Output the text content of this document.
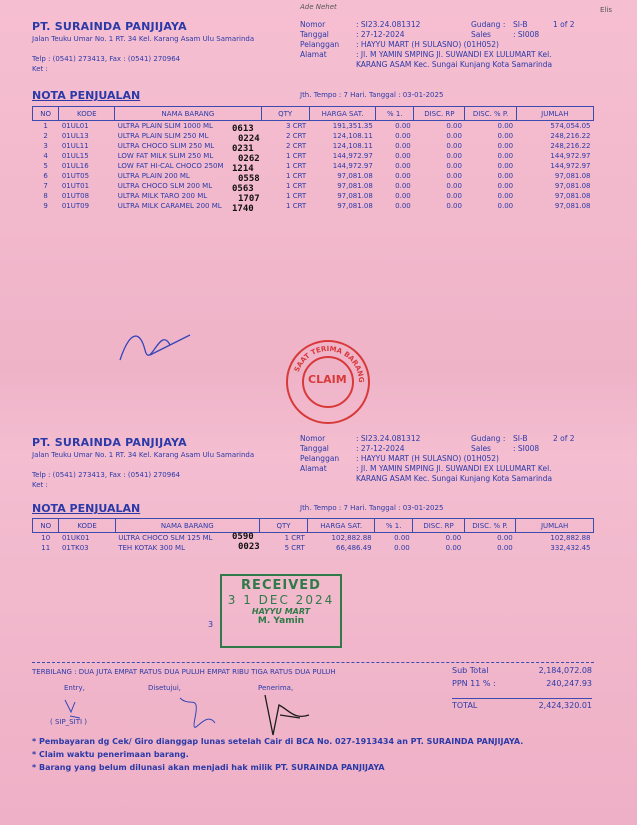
Ade Nehet	Elis
PT. SURAINDA PANJIJAYA
Jalan Teuku Umar No. 1 RT. 34 Kel. Karang Asam Ulu Samarinda
Telp : (0541) 273413, Fax : (0541) 270964
Ket :
Nomor	: SI23.24.081312	Gudang :	SI-B	1 of 2
Tanggal	: 27-12-2024	Sales	: SI008
Pelanggan	: HAYYU MART (H SULASNO) (01H052)
Alamat	: Jl. M YAMIN SMPING Jl. SUWANDI EX LULUMART Kel.
KARANG ASAM Kec. Sungai Kunjang Kota Samarinda
NOTA PENJUALAN	Jth. Tempo : 7 Hari. Tanggal : 03-01-2025
NO	KODE	NAMA BARANG	QTY	HARGA SAT.	% 1.	DISC. RP	DISC. % P.	JUMLAH
1	01UL01	ULTRA PLAIN SLIM 1000 ML	3 CRT	191,351.35	0.00	0.00	0.00	574,054.05
2	01UL13	ULTRA PLAIN SLIM 250 ML	2 CRT	124,108.11	0.00	0.00	0.00	248,216.22
3	01UL11	ULTRA CHOCO SLIM 250 ML	2 CRT	124,108.11	0.00	0.00	0.00	248,216.22
4	01UL15	LOW FAT MILK SLIM 250 ML	1 CRT	144,972.97	0.00	0.00	0.00	144,972.97
5	01UL16	LOW FAT HI-CAL CHOCO 250M	1 CRT	144,972.97	0.00	0.00	0.00	144,972.97
6	01UT05	ULTRA PLAIN 200 ML	1 CRT	97,081.08	0.00	0.00	0.00	97,081.08
7	01UT01	ULTRA CHOCO SLM 200 ML	1 CRT	97,081.08	0.00	0.00	0.00	97,081.08
8	01UT08	ULTRA MILK TARO 200 ML	1 CRT	97,081.08	0.00	0.00	0.00	97,081.08
9	01UT09	ULTRA MILK CARAMEL 200 ML	1 CRT	97,081.08	0.00	0.00	0.00	97,081.08
0613
0224
0231
0262
1214
0558
0563
1707
1740
SAAT TERIMA BARANG
CLAIM
PT. SURAINDA PANJIJAYA
Jalan Teuku Umar No. 1 RT. 34 Kel. Karang Asam Ulu Samarinda
Telp : (0541) 273413, Fax : (0541) 270964
Ket :
Nomor	: SI23.24.081312	Gudang :	SI-B	2 of 2
Tanggal	: 27-12-2024	Sales	: SI008
Pelanggan	: HAYYU MART (H SULASNO) (01H052)
Alamat	: Jl. M YAMIN SMPING Jl. SUWANDI EX LULUMART Kel.
KARANG ASAM Kec. Sungai Kunjang Kota Samarinda
NOTA PENJUALAN	Jth. Tempo : 7 Hari. Tanggal : 03-01-2025
NO	KODE	NAMA BARANG	QTY	HARGA SAT.	% 1.	DISC. RP	DISC. % P.	JUMLAH
10	01UK01	ULTRA CHOCO SLM 125 ML	1 CRT	102,882.88	0.00	0.00	0.00	102,882.88
11	01TK03	TEH KOTAK 300 ML	5 CRT	66,486.49	0.00	0.00	0.00	332,432.45
0590
0023
3
RECEIVED
3 1 DEC 2024
HAYYU MART
M. Yamin
TERBILANG : DUA JUTA EMPAT RATUS DUA PULUH EMPAT RIBU TIGA RATUS DUA PULUH
Entry,	Disetujui,	Penerima,
( SIP_SITI )
Sub Total	2,184,072.08
PPN 11 % :	240,247.93
TOTAL	2,424,320.01
* Pembayaran dg Cek/ Giro dianggap lunas setelah Cair di BCA No. 027-1913434 an PT. SURAINDA PANJIJAYA.
* Claim waktu penerimaan barang.
* Barang yang belum dilunasi akan menjadi hak milik PT. SURAINDA PANJIJAYA
